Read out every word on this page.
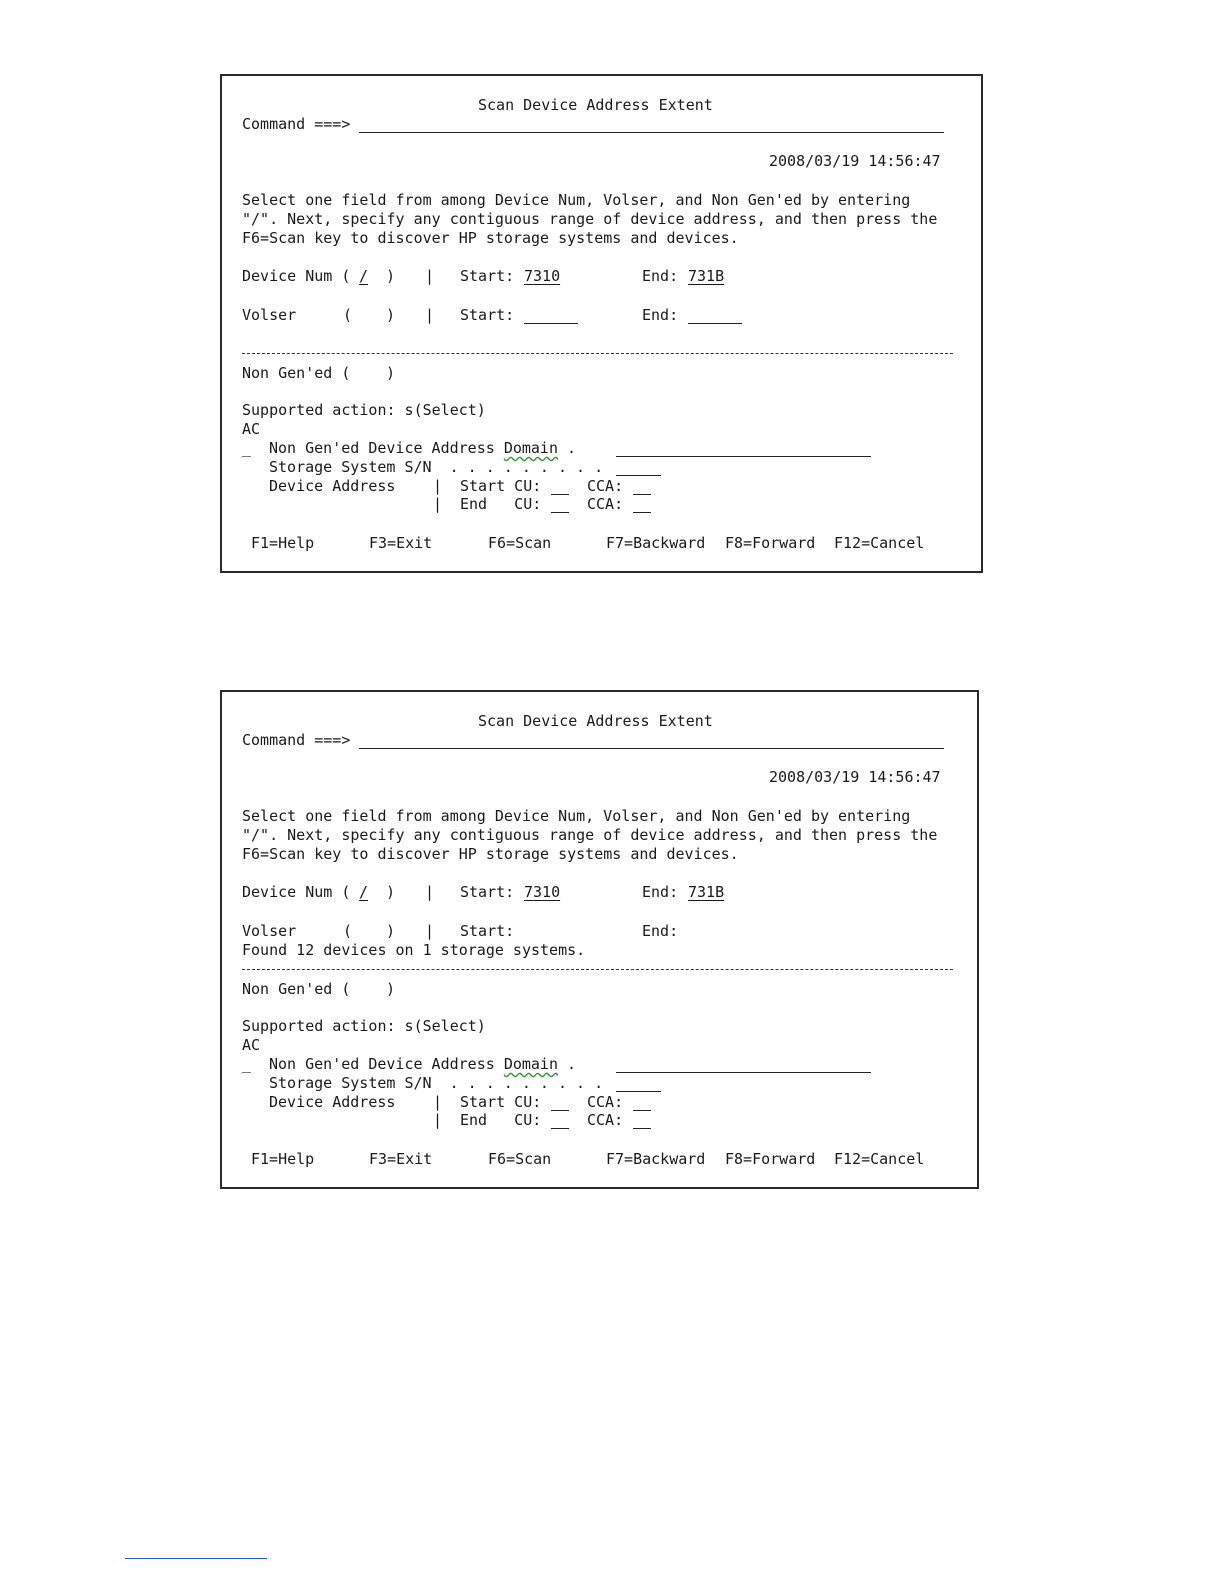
Scan Device Address Extent
Command ===>
2008/03/19 14:56:47
Select one field from among Device Num, Volser, and Non Gen'ed by entering
"/". Next, specify any contiguous range of device address, and then press the
F6=Scan key to discover HP storage systems and devices.
Device Num ( / ) | Start: 7310	End: 731B
Volser	( ) | Start:	End:
Non Gen'ed ( )
Supported action: s(Select)
AC
_ Non Gen'ed Device Address Domain .
Storage System S/N  . . . . . . . . .
Device Address	| Start CU:	CCA:
| End   CU:	CCA:
F1=Help	F3=Exit	F6=Scan	F7=Backward F8=Forward F12=Cancel
Scan Device Address Extent
Command ===>
2008/03/19 14:56:47
Select one field from among Device Num, Volser, and Non Gen'ed by entering
"/". Next, specify any contiguous range of device address, and then press the
F6=Scan key to discover HP storage systems and devices.
Device Num ( / ) | Start: 7310	End: 731B
Volser	( ) | Start:	End:
Found 12 devices on 1 storage systems.
Non Gen'ed ( )
Supported action: s(Select)
AC
_ Non Gen'ed Device Address Domain .
Storage System S/N  . . . . . . . . .
Device Address	| Start CU:	CCA:
| End   CU:	CCA:
F1=Help	F3=Exit	F6=Scan	F7=Backward F8=Forward F12=Cancel
